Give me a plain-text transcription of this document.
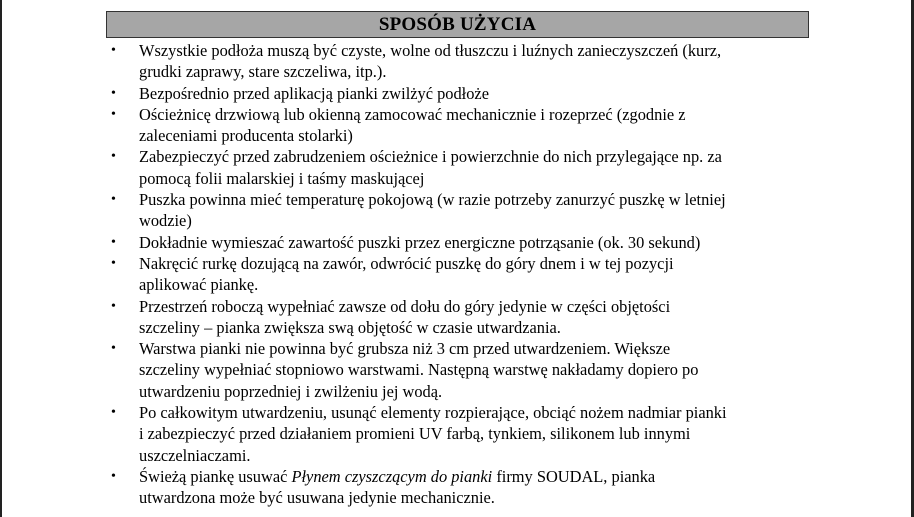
SPOSÓB UŻYCIA
• Wszystkie podłoża muszą być czyste, wolne od tłuszczu i luźnych zanieczyszczeń (kurz,
grudki zaprawy, stare szczeliwa, itp.).
• Bezpośrednio przed aplikacją pianki zwilżyć podłoże
• Ościeżnicę drzwiową lub okienną zamocować mechanicznie i rozeprzeć (zgodnie z
zaleceniami producenta stolarki)
• Zabezpieczyć przed zabrudzeniem ościeżnice i powierzchnie do nich przylegające np. za
pomocą folii malarskiej i taśmy maskującej
• Puszka powinna mieć temperaturę pokojową (w razie potrzeby zanurzyć puszkę w letniej
wodzie)
• Dokładnie wymieszać zawartość puszki przez energiczne potrząsanie (ok. 30 sekund)
• Nakręcić rurkę dozującą na zawór, odwrócić puszkę do góry dnem i w tej pozycji
aplikować piankę.
• Przestrzeń roboczą wypełniać zawsze od dołu do góry jedynie w części objętości
szczeliny – pianka zwiększa swą objętość w czasie utwardzania.
• Warstwa pianki nie powinna być grubsza niż 3 cm przed utwardzeniem. Większe
szczeliny wypełniać stopniowo warstwami. Następną warstwę nakładamy dopiero po
utwardzeniu poprzedniej i zwilżeniu jej wodą.
• Po całkowitym utwardzeniu, usunąć elementy rozpierające, obciąć nożem nadmiar pianki
i zabezpieczyć przed działaniem promieni UV farbą, tynkiem, silikonem lub innymi
uszczelniaczami.
• Świeżą piankę usuwać Płynem czyszczącym do pianki firmy SOUDAL, pianka
utwardzona może być usuwana jedynie mechanicznie.
